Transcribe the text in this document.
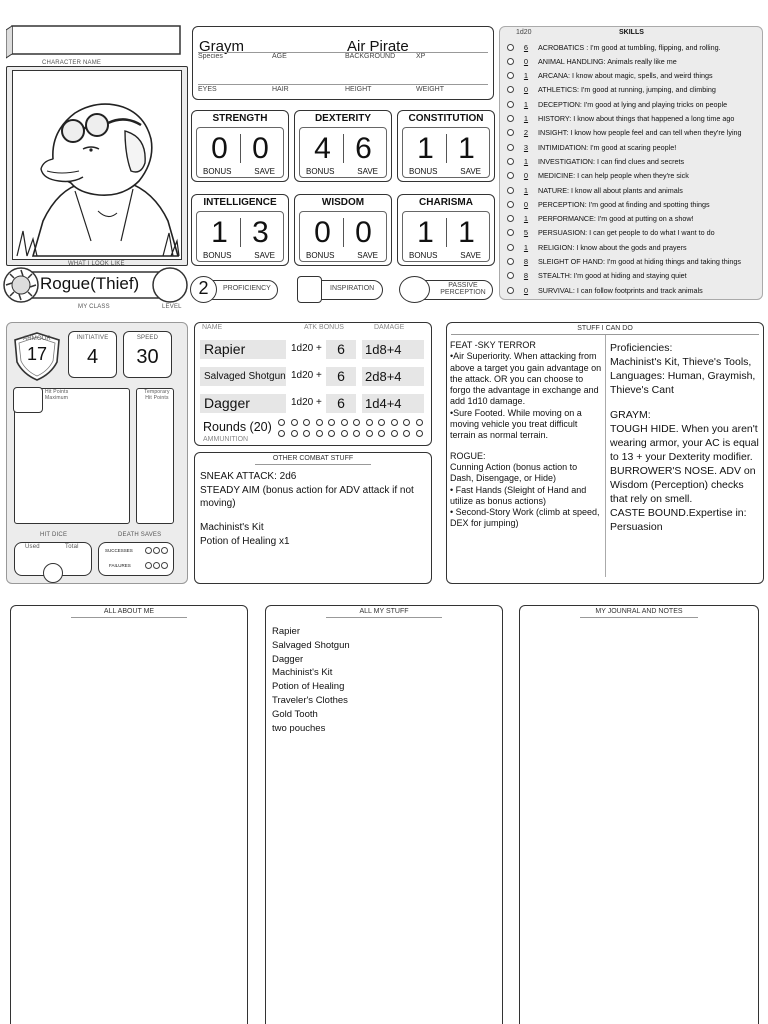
CHARACTER NAME
WHAT I LOOK LIKE
Rogue(Thief)
MY CLASS	LEVEL
Graym	Air Pirate
Species	AGE	BACKGROUND	XP
EYES	HAIR	HEIGHT	WEIGHT
STRENGTH
0 0
BONUS	SAVE
DEXTERITY
4 6
BONUS	SAVE
CONSTITUTION
1 1
BONUS	SAVE
INTELLIGENCE
1 3
BONUS	SAVE
WISDOM
0 0
BONUS	SAVE
CHARISMA
1 1
BONUS	SAVE
2	PROFICIENCY	INSPIRATION	PASSIVE PERCEPTION
1d20	SKILLS
6	ACROBATICS : I'm good at tumbling, flipping, and rolling.
0	ANIMAL HANDLING: Animals really like me
1	ARCANA: I know about magic, spells, and weird things
0	ATHLETICS: I'm good at running, jumping, and climbing
1	DECEPTION: I'm good at lying and playing tricks on people
1	HISTORY: I know about things that happened a long time ago
2	INSIGHT: I know how people feel and can tell when they're lying
3	INTIMIDATION: I'm good at scaring people!
1	INVESTIGATION: I can find clues and secrets
0	MEDICINE: I can help people when they're sick
1	NATURE: I know all about plants and animals
0	PERCEPTION: I'm good at finding and spotting things
1	PERFORMANCE: I'm good at putting on a show!
5	PERSUASION: I can get people to do what I want to do
1	RELIGION: I know about the gods and prayers
8	SLEIGHT OF HAND: I'm good at hiding things and taking things
8	STEALTH: I'm good at hiding and staying quiet
0	SURVIVAL: I can follow footprints and track animals
ARMOUR
17
INITIATIVE
4
SPEED
30
Hit Points Maximum
Temporary Hit Points
HIT DICE	DEATH SAVES
Used	Total
SUCCESSES
FAILURES
NAME	ATK BONUS	DAMAGE
Rapier	1d20 +	6	1d8+4
Salvaged Shotgun 1d20 +	6	2d8+4
Dagger	1d20 +	6	1d4+4
Rounds (20)
AMMUNITION
OTHER COMBAT STUFF
SNEAK ATTACK: 2d6
STEADY AIM (bonus action for ADV attack if not moving)
Machinist's Kit
Potion of Healing x1
STUFF I CAN DO
FEAT -SKY TERROR
•Air Superiority. When attacking from above a target you gain advantage on the attack. OR you can choose to forgo the advantage in exchange and add 1d10 damage.
•Sure Footed. While moving on a moving vehicle you treat difficult terrain as normal terrain.
ROGUE:
Cunning Action (bonus action to Dash, Disengage, or Hide)
• Fast Hands (Sleight of Hand and utilize as bonus actions)
• Second-Story Work (climb at speed, DEX for jumping)
Proficiencies:
Machinist's Kit, Thieve's Tools, Languages: Human, Graymish, Thieve's Cant
GRAYM:
TOUGH HIDE. When you aren't wearing armor, your AC is equal to 13 + your Dexterity modifier.
BURROWER'S NOSE. ADV on Wisdom (Perception) checks that rely on smell.
CASTE BOUND.Expertise in: Persuasion
ALL ABOUT ME	ALL MY STUFF
Rapier
Salvaged Shotgun
Dagger
Machinist's Kit
Potion of Healing
Traveler's Clothes
Gold Tooth
two pouches
MY JOUNRAL AND NOTES
